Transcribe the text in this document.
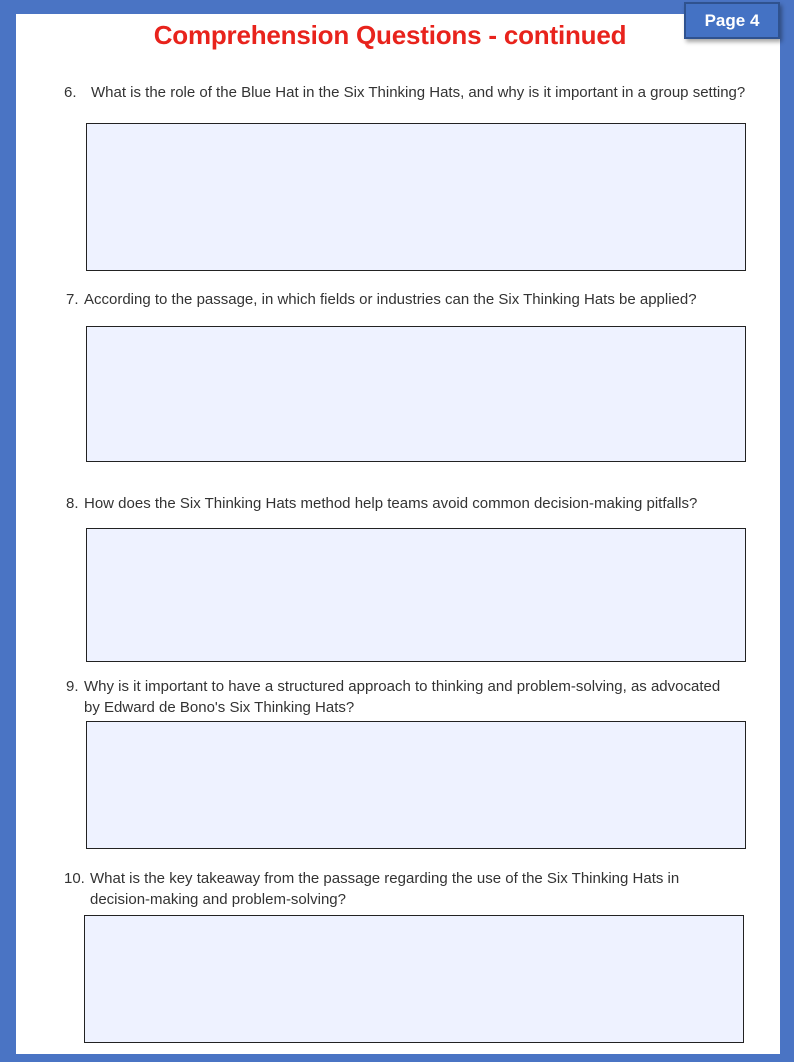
Page 4
Comprehension Questions - continued
6. What is the role of the Blue Hat in the Six Thinking Hats, and why is it important in a group setting?
7. According to the passage, in which fields or industries can the Six Thinking Hats be applied?
8. How does the Six Thinking Hats method help teams avoid common decision-making pitfalls?
9. Why is it important to have a structured approach to thinking and problem-solving, as advocated by Edward de Bono's Six Thinking Hats?
10. What is the key takeaway from the passage regarding the use of the Six Thinking Hats in decision-making and problem-solving?
